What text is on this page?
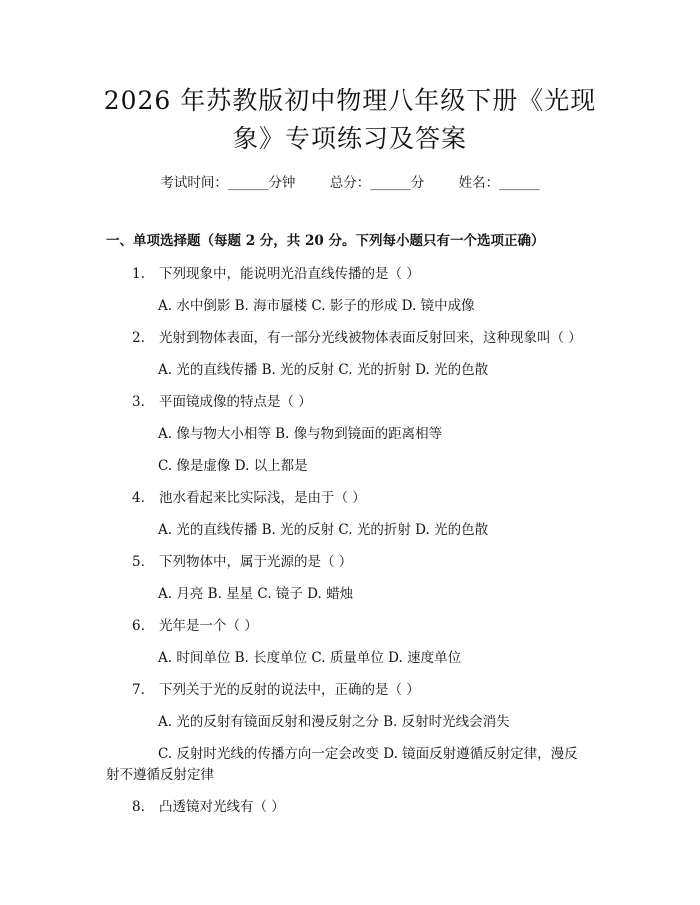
2026 年苏教版初中物理八年级下册《光现
象》专项练习及答案
考试时间：______分钟        总分：______分        姓名：______
一、单项选择题（每题 2 分，共 20 分。下列每小题只有一个选项正确）
1. 下列现象中，能说明光沿直线传播的是（ ）
A. 水中倒影 B. 海市蜃楼 C. 影子的形成 D. 镜中成像
2. 光射到物体表面，有一部分光线被物体表面反射回来，这种现象叫（ ）
A. 光的直线传播 B. 光的反射 C. 光的折射 D. 光的色散
3. 平面镜成像的特点是（ ）
A. 像与物大小相等 B. 像与物到镜面的距离相等
C. 像是虚像 D. 以上都是
4. 池水看起来比实际浅，是由于（ ）
A. 光的直线传播 B. 光的反射 C. 光的折射 D. 光的色散
5. 下列物体中，属于光源的是（ ）
A. 月亮 B. 星星 C. 镜子 D. 蜡烛
6. 光年是一个（ ）
A. 时间单位 B. 长度单位 C. 质量单位 D. 速度单位
7. 下列关于光的反射的说法中，正确的是（ ）
A. 光的反射有镜面反射和漫反射之分 B. 反射时光线会消失
C. 反射时光线的传播方向一定会改变 D. 镜面反射遵循反射定律，漫反
射不遵循反射定律
8. 凸透镜对光线有（ ）
